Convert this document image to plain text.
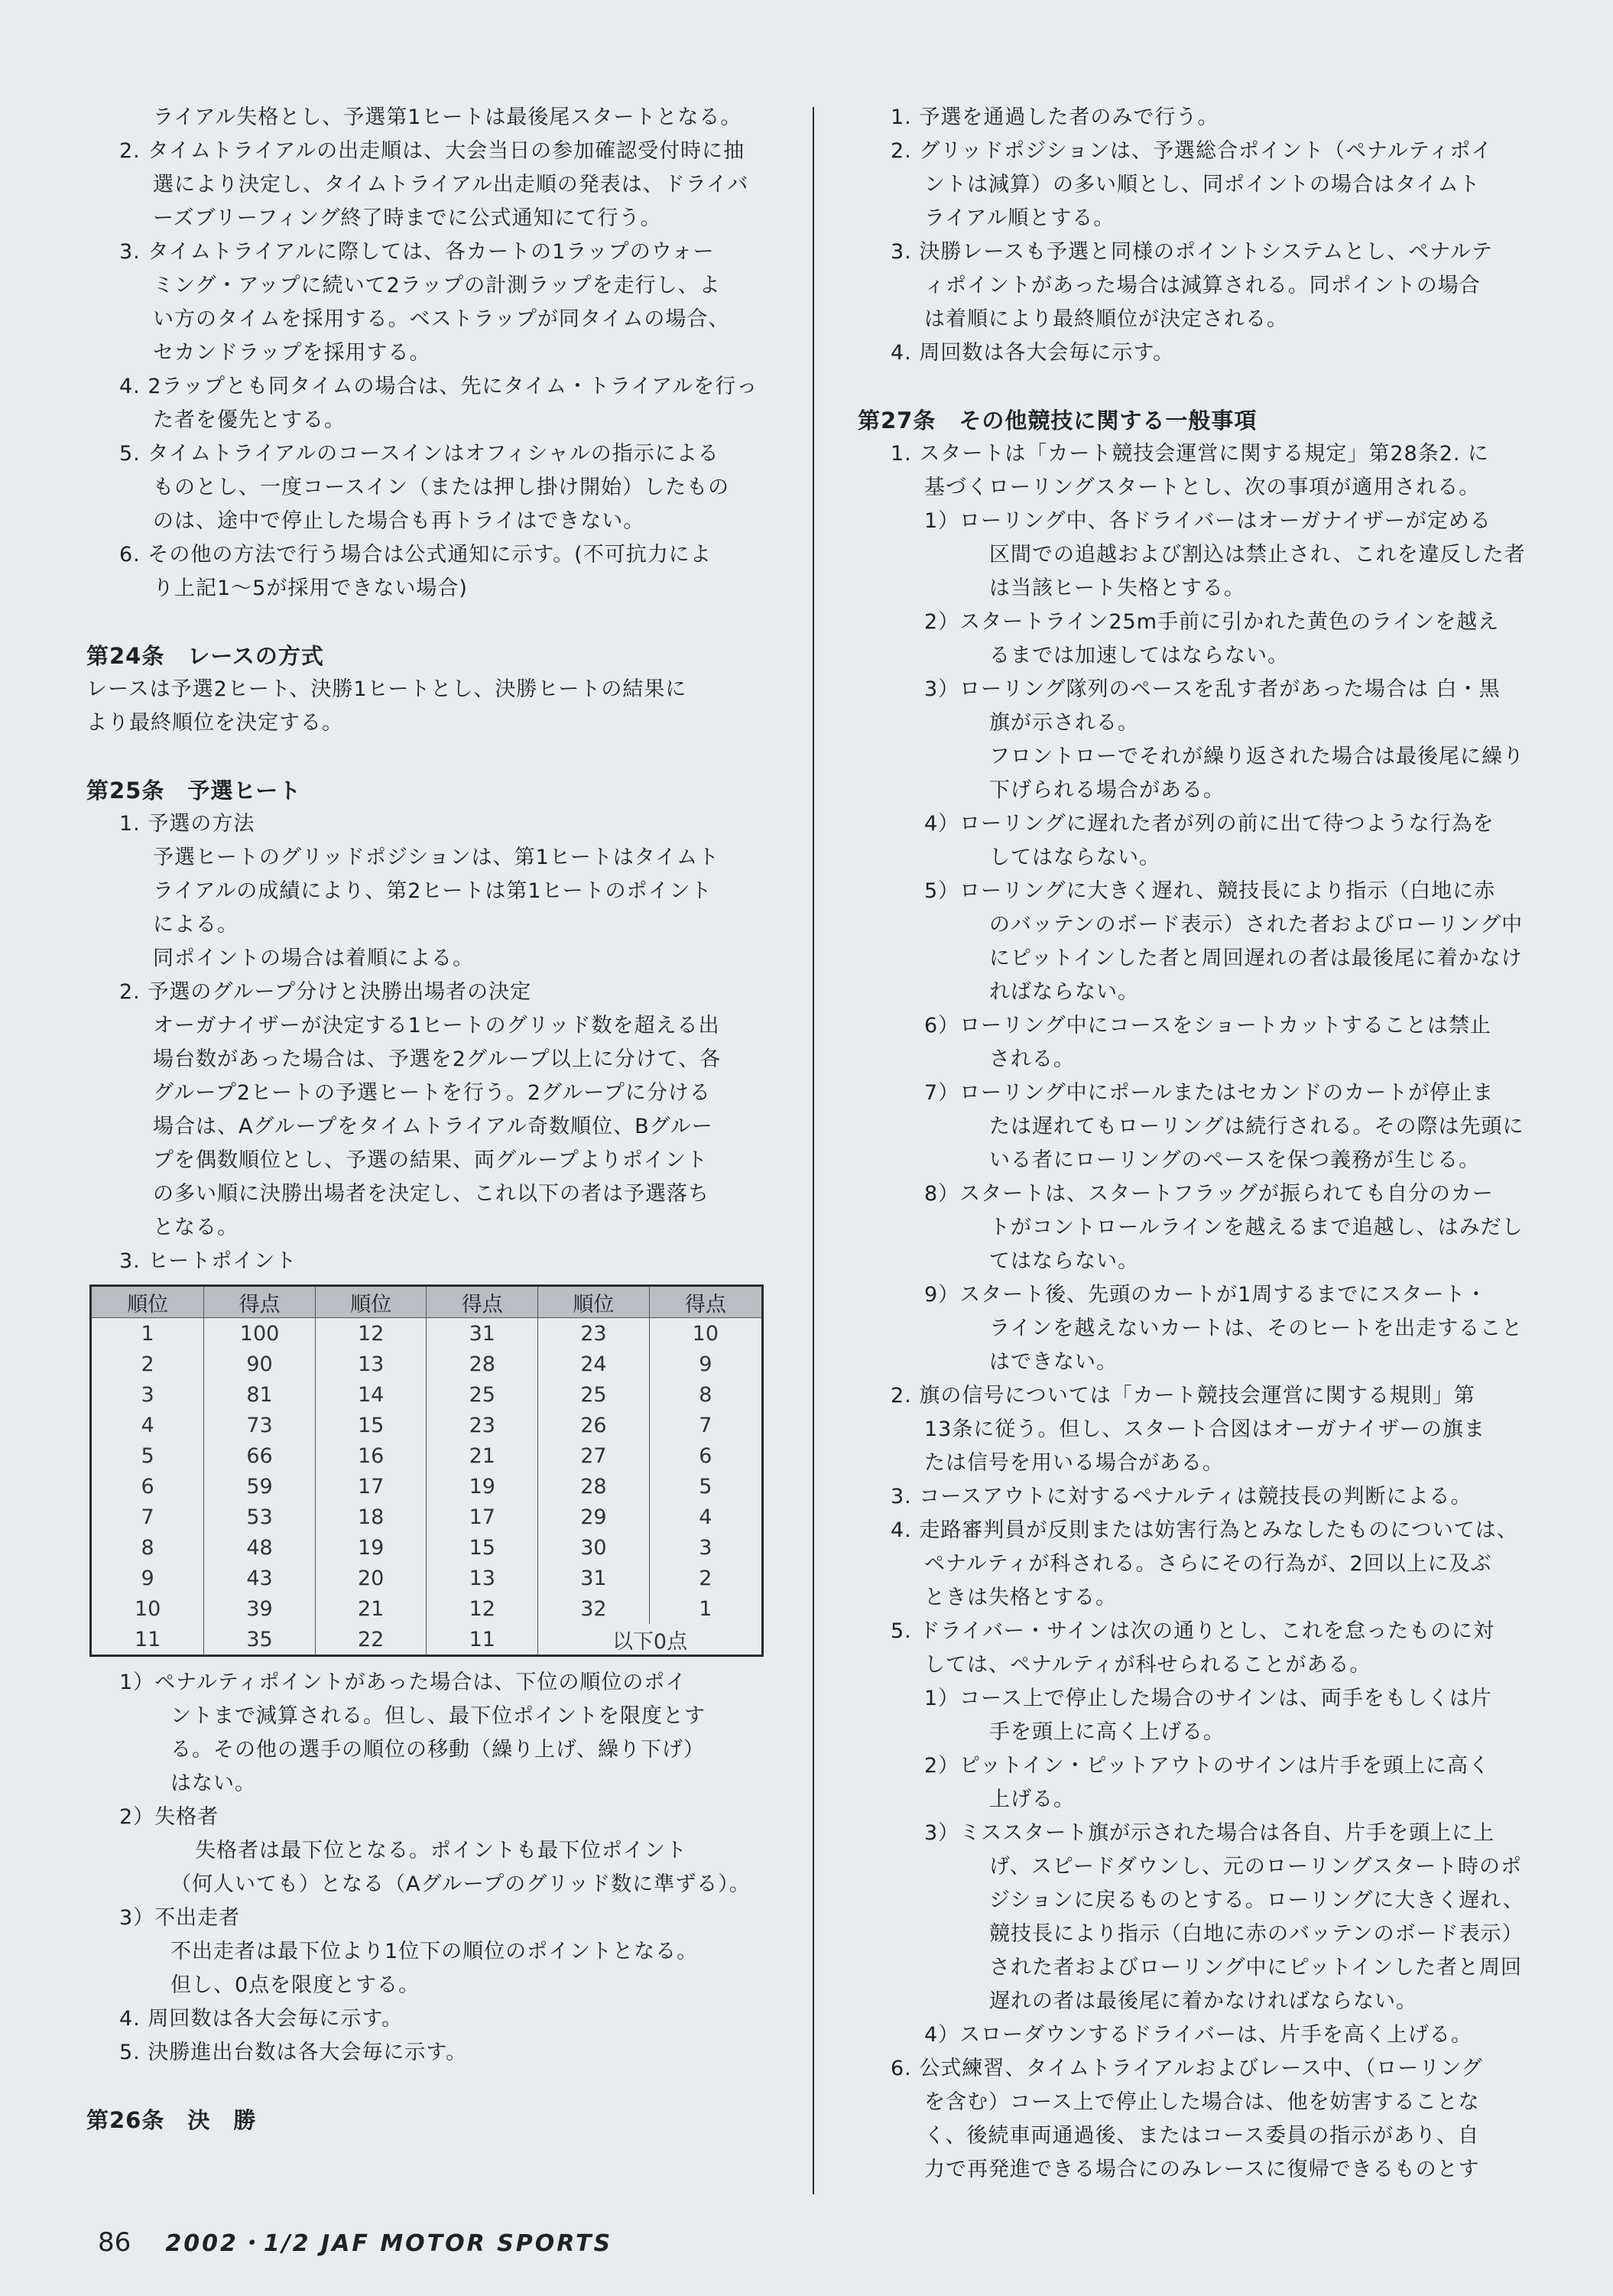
ライアル失格とし、予選第1ヒートは最後尾スタートとなる。
2. タイムトライアルの出走順は、大会当日の参加確認受付時に抽
選により決定し、タイムトライアル出走順の発表は、ドライバ
ーズブリーフィング終了時までに公式通知にて行う。
3. タイムトライアルに際しては、各カートの1ラップのウォー
ミング・アップに続いて2ラップの計測ラップを走行し、よ
い方のタイムを採用する。ベストラップが同タイムの場合、
セカンドラップを採用する。
4. 2ラップとも同タイムの場合は、先にタイム・トライアルを行っ
た者を優先とする。
5. タイムトライアルのコースインはオフィシャルの指示による
ものとし、一度コースイン（または押し掛け開始）したもの
のは、途中で停止した場合も再トライはできない。
6. その他の方法で行う場合は公式通知に示す。(不可抗力によ
り上記1～5が採用できない場合)
第24条　レースの方式
レースは予選2ヒート、決勝1ヒートとし、決勝ヒートの結果に
より最終順位を決定する。
第25条　予選ヒート
1. 予選の方法
予選ヒートのグリッドポジションは、第1ヒートはタイムト
ライアルの成績により、第2ヒートは第1ヒートのポイント
による。
同ポイントの場合は着順による。
2. 予選のグループ分けと決勝出場者の決定
オーガナイザーが決定する1ヒートのグリッド数を超える出
場台数があった場合は、予選を2グループ以上に分けて、各
グループ2ヒートの予選ヒートを行う。2グループに分ける
場合は、Aグループをタイムトライアル奇数順位、Bグルー
プを偶数順位とし、予選の結果、両グループよりポイント
の多い順に決勝出場者を決定し、これ以下の者は予選落ち
となる。
3. ヒートポイント
順位	得点	順位	得点	順位	得点
1	100	12	31	23	10
2	90	13	28	24	9
3	81	14	25	25	8
4	73	15	23	26	7
5	66	16	21	27	6
6	59	17	19	28	5
7	53	18	17	29	4
8	48	19	15	30	3
9	43	20	13	31	2
10	39	21	12	32	1
11	35	22	11	以下0点	
1）ペナルティポイントがあった場合は、下位の順位のポイ
ントまで減算される。但し、最下位ポイントを限度とす
る。その他の選手の順位の移動（繰り上げ、繰り下げ）
はない。
2）失格者
失格者は最下位となる。ポイントも最下位ポイント
（何人いても）となる（Aグループのグリッド数に準ずる）。
3）不出走者
不出走者は最下位より1位下の順位のポイントとなる。
但し、0点を限度とする。
4. 周回数は各大会毎に示す。
5. 決勝進出台数は各大会毎に示す。
第26条　決　勝
1. 予選を通過した者のみで行う。
2. グリッドポジションは、予選総合ポイント（ペナルティポイ
ントは減算）の多い順とし、同ポイントの場合はタイムト
ライアル順とする。
3. 決勝レースも予選と同様のポイントシステムとし、ペナルテ
ィポイントがあった場合は減算される。同ポイントの場合
は着順により最終順位が決定される。
4. 周回数は各大会毎に示す。
第27条　その他競技に関する一般事項
1. スタートは「カート競技会運営に関する規定」第28条2. に
基づくローリングスタートとし、次の事項が適用される。
1）ローリング中、各ドライバーはオーガナイザーが定める
区間での追越および割込は禁止され、これを違反した者
は当該ヒート失格とする。
2）スタートライン25m手前に引かれた黄色のラインを越え
るまでは加速してはならない。
3）ローリング隊列のペースを乱す者があった場合は 白・黒
旗が示される。
フロントローでそれが繰り返された場合は最後尾に繰り
下げられる場合がある。
4）ローリングに遅れた者が列の前に出て待つような行為を
してはならない。
5）ローリングに大きく遅れ、競技長により指示（白地に赤
のバッテンのボード表示）された者およびローリング中
にピットインした者と周回遅れの者は最後尾に着かなけ
ればならない。
6）ローリング中にコースをショートカットすることは禁止
される。
7）ローリング中にポールまたはセカンドのカートが停止ま
たは遅れてもローリングは続行される。その際は先頭に
いる者にローリングのペースを保つ義務が生じる。
8）スタートは、スタートフラッグが振られても自分のカー
トがコントロールラインを越えるまで追越し、はみだし
てはならない。
9）スタート後、先頭のカートが1周するまでにスタート・
ラインを越えないカートは、そのヒートを出走すること
はできない。
2. 旗の信号については「カート競技会運営に関する規則」第
13条に従う。但し、スタート合図はオーガナイザーの旗ま
たは信号を用いる場合がある。
3. コースアウトに対するペナルティは競技長の判断による。
4. 走路審判員が反則または妨害行為とみなしたものについては、
ペナルティが科される。さらにその行為が、2回以上に及ぶ
ときは失格とする。
5. ドライバー・サインは次の通りとし、これを怠ったものに対
しては、ペナルティが科せられることがある。
1）コース上で停止した場合のサインは、両手をもしくは片
手を頭上に高く上げる。
2）ピットイン・ピットアウトのサインは片手を頭上に高く
上げる。
3）ミススタート旗が示された場合は各自、片手を頭上に上
げ、スピードダウンし、元のローリングスタート時のポ
ジションに戻るものとする。ローリングに大きく遅れ、
競技長により指示（白地に赤のバッテンのボード表示）
された者およびローリング中にピットインした者と周回
遅れの者は最後尾に着かなければならない。
4）スローダウンするドライバーは、片手を高く上げる。
6. 公式練習、タイムトライアルおよびレース中、（ローリング
を含む）コース上で停止した場合は、他を妨害することな
く、後続車両通過後、またはコース委員の指示があり、自
力で再発進できる場合にのみレースに復帰できるものとす
86 2002・1/2 JAF MOTOR SPORTS
